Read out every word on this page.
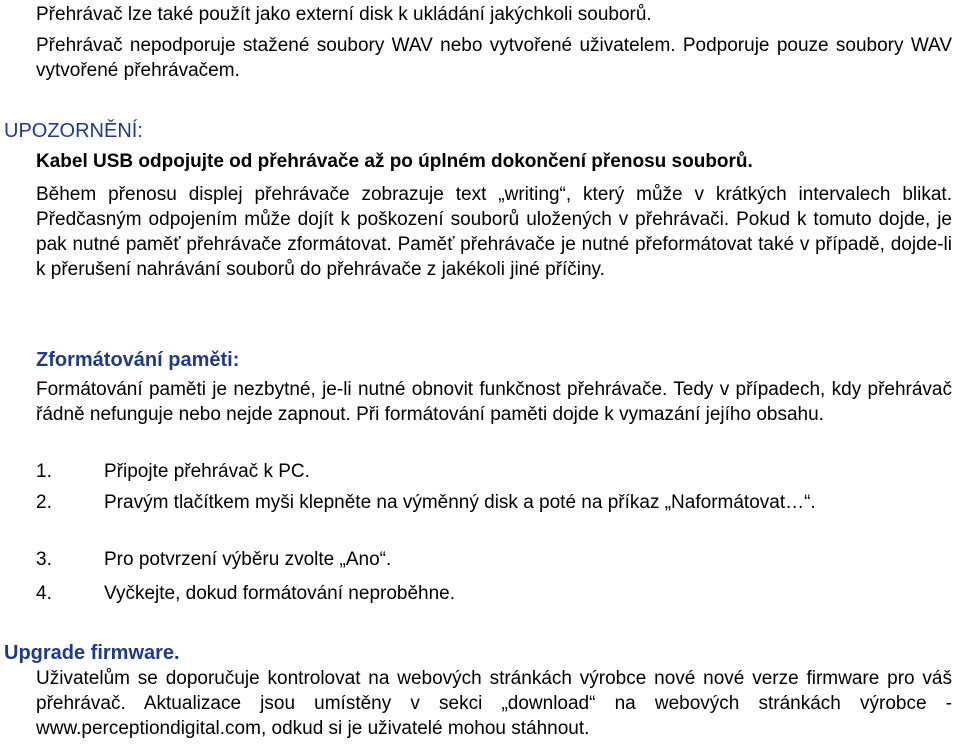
Přehrávač lze také použít jako externí disk k ukládání jakýchkoli souborů.

Přehrávač nepodporuje stažené soubory WAV nebo vytvořené uživatelem. Podporuje pouze soubory WAV vytvořené přehrávačem.

UPOZORNĚNÍ:

Kabel USB odpojujte od přehrávače až po úplném dokončení přenosu souborů.

Během přenosu displej přehrávače zobrazuje text „writing“, který může v krátkých intervalech blikat. Předčasným odpojením může dojít k poškození souborů uložených v přehrávači. Pokud k tomuto dojde, je pak nutné paměť přehrávače zformátovat. Paměť přehrávače je nutné přeformátovat také v případě, dojde-li k přerušení nahrávání souborů do přehrávače z jakékoli jiné příčiny.

Zformátování paměti:

Formátování paměti je nezbytné, je-li nutné obnovit funkčnost přehrávače. Tedy v případech, kdy přehrávač řádně nefunguje nebo nejde zapnout. Při formátování paměti dojde k vymazání jejího obsahu.

1.	Připojte přehrávač k PC.
2.	Pravým tlačítkem myši klepněte na výměnný disk a poté na příkaz „Naformátovat…“.
3.	Pro potvrzení výběru zvolte „Ano“.
4.	Vyčkejte, dokud formátování neproběhne.
Upgrade firmware.

Uživatelům se doporučuje kontrolovat na webových stránkách výrobce nové nové verze firmware pro váš přehrávač. Aktualizace jsou umístěny v sekci „download“ na webových stránkách výrobce - www.perceptiondigital.com, odkud si je uživatelé mohou stáhnout.
